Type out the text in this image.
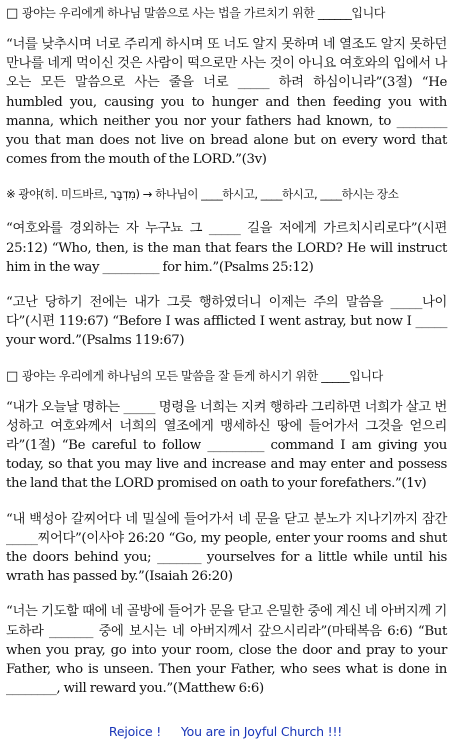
□ 광야는 우리에게 하나님 말씀으로 사는 법을 가르치기 위한 ______입니다

“너를 낮추시며 너로 주리게 하시며 또 너도 알지 못하며 네 열조도 알지 못하던 만나를 네게 먹이신 것은 사람이 떡으로만 사는 것이 아니요 여호와의 입에서 나오는 모든 말씀으로 사는 줄을 너로 _____ 하려 하심이니라”(3절) “He humbled you, causing you to hunger and then feeding you with manna, which neither you nor your fathers had known, to ________ you that man does not live on bread alone but on every word that comes from the mouth of the LORD.”(3v)

※ 광야(히. 미드바르, מִדְבָּר) → 하나님이 ____하시고, ____하시고, ____하시는 장소

“여호와를 경외하는 자 누구뇨 그 _____ 길을 저에게 가르치시리로다”(시편 25:12) “Who, then, is the man that fears the LORD? He will instruct him in the way _________ for him.”(Psalms 25:12)

“고난 당하기 전에는 내가 그릇 행하였더니 이제는 주의 말씀을 _____나이다”(시편 119:67) “Before I was afflicted I went astray, but now I _____ your word.”(Psalms 119:67)

□ 광야는 우리에게 하나님의 모든 말씀을 잘 듣게 하시기 위한 _____입니다

“내가 오늘날 명하는 _____ 명령을 너희는 지켜 행하라 그리하면 너희가 살고 번성하고 여호와께서 너희의 열조에게 맹세하신 땅에 들어가서 그것을 얻으리라”(1절) “Be careful to follow _________ command I am giving you today, so that you may live and increase and may enter and possess the land that the LORD promised on oath to your forefathers.”(1v)

“내 백성아 갈찌어다 네 밀실에 들어가서 네 문을 닫고 분노가 지나기까지 잠간 _____찌어다”(이사야 26:20 “Go, my people, enter your rooms and shut the doors behind you; _______ yourselves for a little while until his wrath has passed by.”(Isaiah 26:20)

“너는 기도할 때에 네 골방에 들어가 문을 닫고 은밀한 중에 계신 네 아버지께 기도하라 _______ 중에 보시는 네 아버지께서 갚으시리라”(마태복음 6:6) “But when you pray, go into your room, close the door and pray to your Father, who is unseen. Then your Father, who sees what is done in ________, will reward you.”(Matthew 6:6)

Rejoice ! You are in Joyful Church !!!
